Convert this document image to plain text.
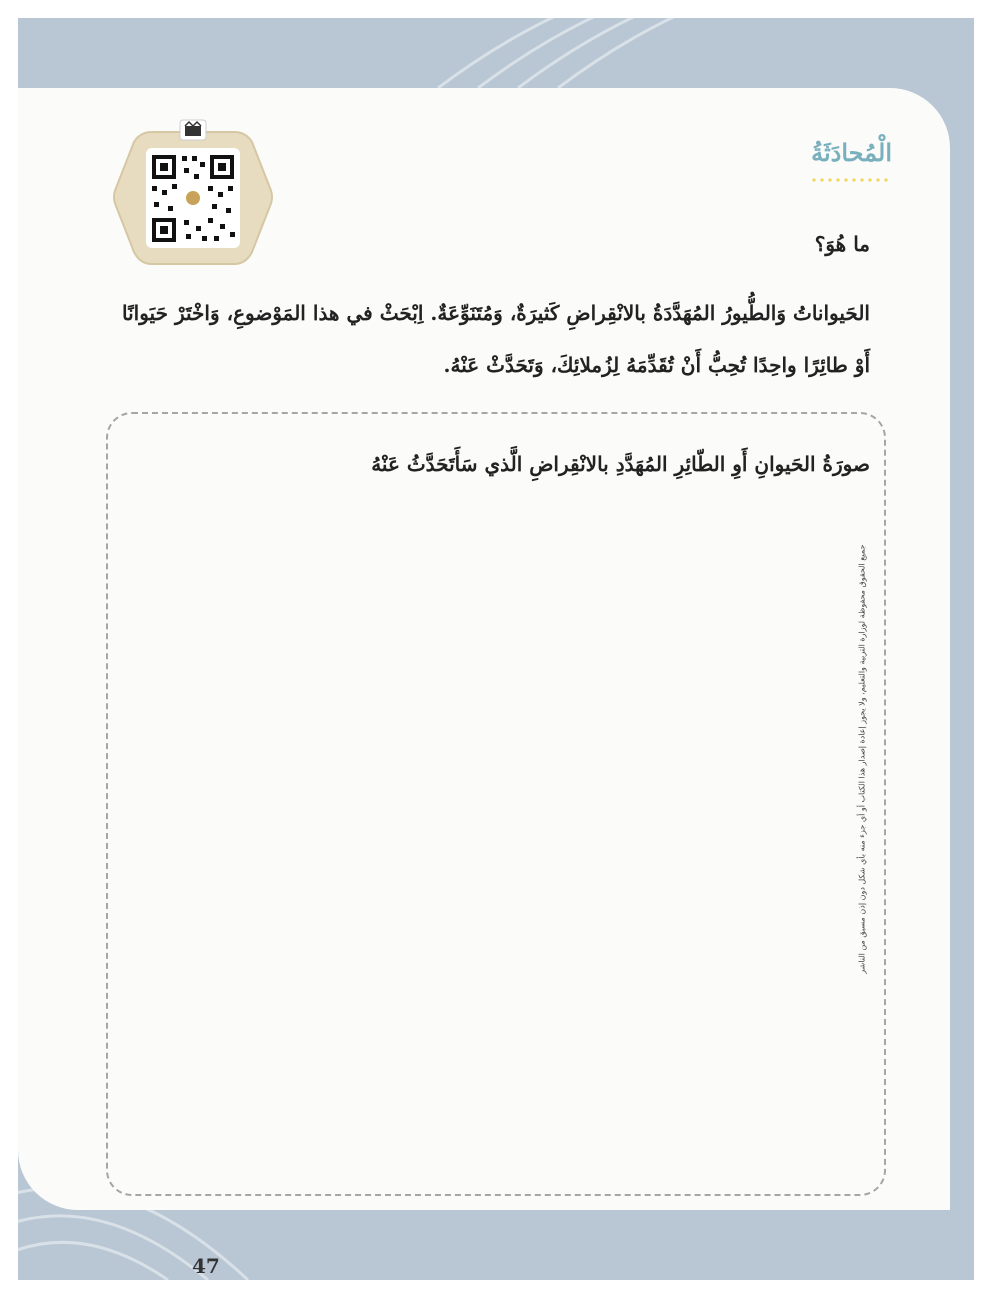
الْمُحادَثَةُ

ما هُوَ؟

الحَيواناتُ وَالطُّيورُ المُهَدَّدَةُ بالانْقِراضِ كَثيرَةٌ، وَمُتَنَوِّعَةٌ. اِبْحَثْ في هذا المَوْضوعِ، وَاخْتَرْ حَيَوانًا أَوْ طائِرًا واحِدًا تُحِبُّ أَنْ تُقَدِّمَهُ لِزُملائِكَ، وَتَحَدَّثْ عَنْهُ.

صورَةُ الحَيوانِ أَوِ الطّائِرِ المُهَدَّدِ بالانْقِراضِ الَّذي سَأَتَحَدَّثُ عَنْهُ

جميع الحقوق محفوظة لوزارة التربية والتعليم، ولا يجوز إعادة إصدار هذا الكتاب أو أي جزء منه بأي شكل دون إذن مسبق من الناشر

47
